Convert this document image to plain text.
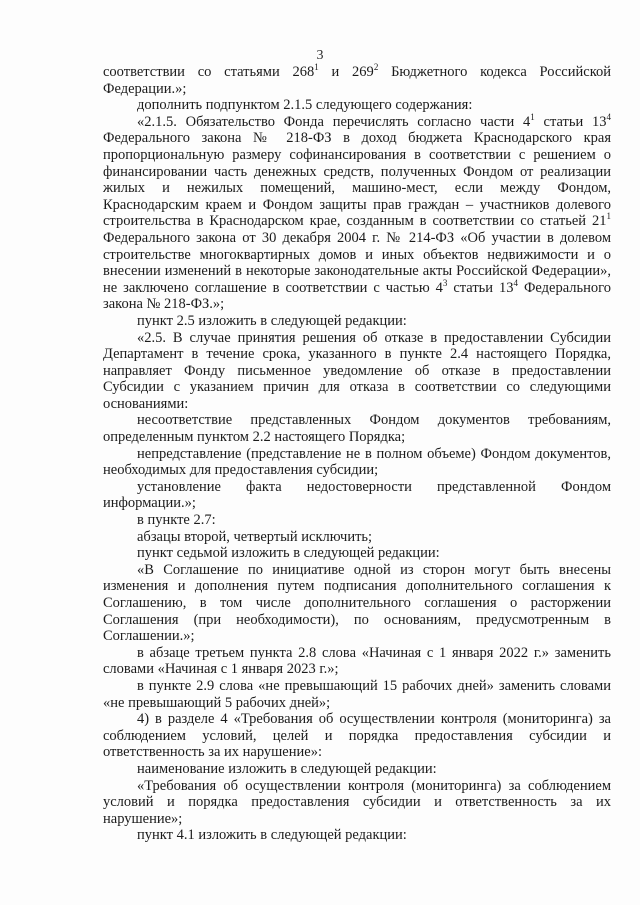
3

соответствии со статьями $268^1$ и $269^2$ Бюджетного кодекса Российской Федерации.»;

дополнить подпунктом 2.1.5 следующего содержания:

«2.1.5. Обязательство Фонда перечислять согласно части $4^1$ статьи $13^4$ Федерального закона № 218-ФЗ в доход бюджета Краснодарского края пропорциональную размеру софинансирования в соответствии с решением о финансировании часть денежных средств, полученных Фондом от реализации жилых и нежилых помещений, машино-мест, если между Фондом, Краснодарским краем и Фондом защиты прав граждан – участников долевого строительства в Краснодарском крае, созданным в соответствии со статьей $21^1$ Федерального закона от 30 декабря 2004 г. № 214-ФЗ «Об участии в долевом строительстве многоквартирных домов и иных объектов недвижимости и о внесении изменений в некоторые законодательные акты Российской Федерации», не заключено соглашение в соответствии с частью $4^3$ статьи $13^4$ Федерального закона № 218-ФЗ.»;

пункт 2.5 изложить в следующей редакции:

«2.5. В случае принятия решения об отказе в предоставлении Субсидии Департамент в течение срока, указанного в пункте 2.4 настоящего Порядка, направляет Фонду письменное уведомление об отказе в предоставлении Субсидии с указанием причин для отказа в соответствии со следующими основаниями:

несоответствие представленных Фондом документов требованиям, определенным пунктом 2.2 настоящего Порядка;

непредставление (представление не в полном объеме) Фондом документов, необходимых для предоставления субсидии;

установление факта недостоверности представленной Фондом информации.»;

в пункте 2.7:

абзацы второй, четвертый исключить;

пункт седьмой изложить в следующей редакции:

«В Соглашение по инициативе одной из сторон могут быть внесены изменения и дополнения путем подписания дополнительного соглашения к Соглашению, в том числе дополнительного соглашения о расторжении Соглашения (при необходимости), по основаниям, предусмотренным в Соглашении.»;

в абзаце третьем пункта 2.8 слова «Начиная с 1 января 2022 г.» заменить словами «Начиная с 1 января 2023 г.»;

в пункте 2.9 слова «не превышающий 15 рабочих дней» заменить словами «не превышающий 5 рабочих дней»;

4) в разделе 4 «Требования об осуществлении контроля (мониторинга) за соблюдением условий, целей и порядка предоставления субсидии и ответственность за их нарушение»:

наименование изложить в следующей редакции:

«Требования об осуществлении контроля (мониторинга) за соблюдением условий и порядка предоставления субсидии и ответственность за их нарушение»;

пункт 4.1 изложить в следующей редакции:
